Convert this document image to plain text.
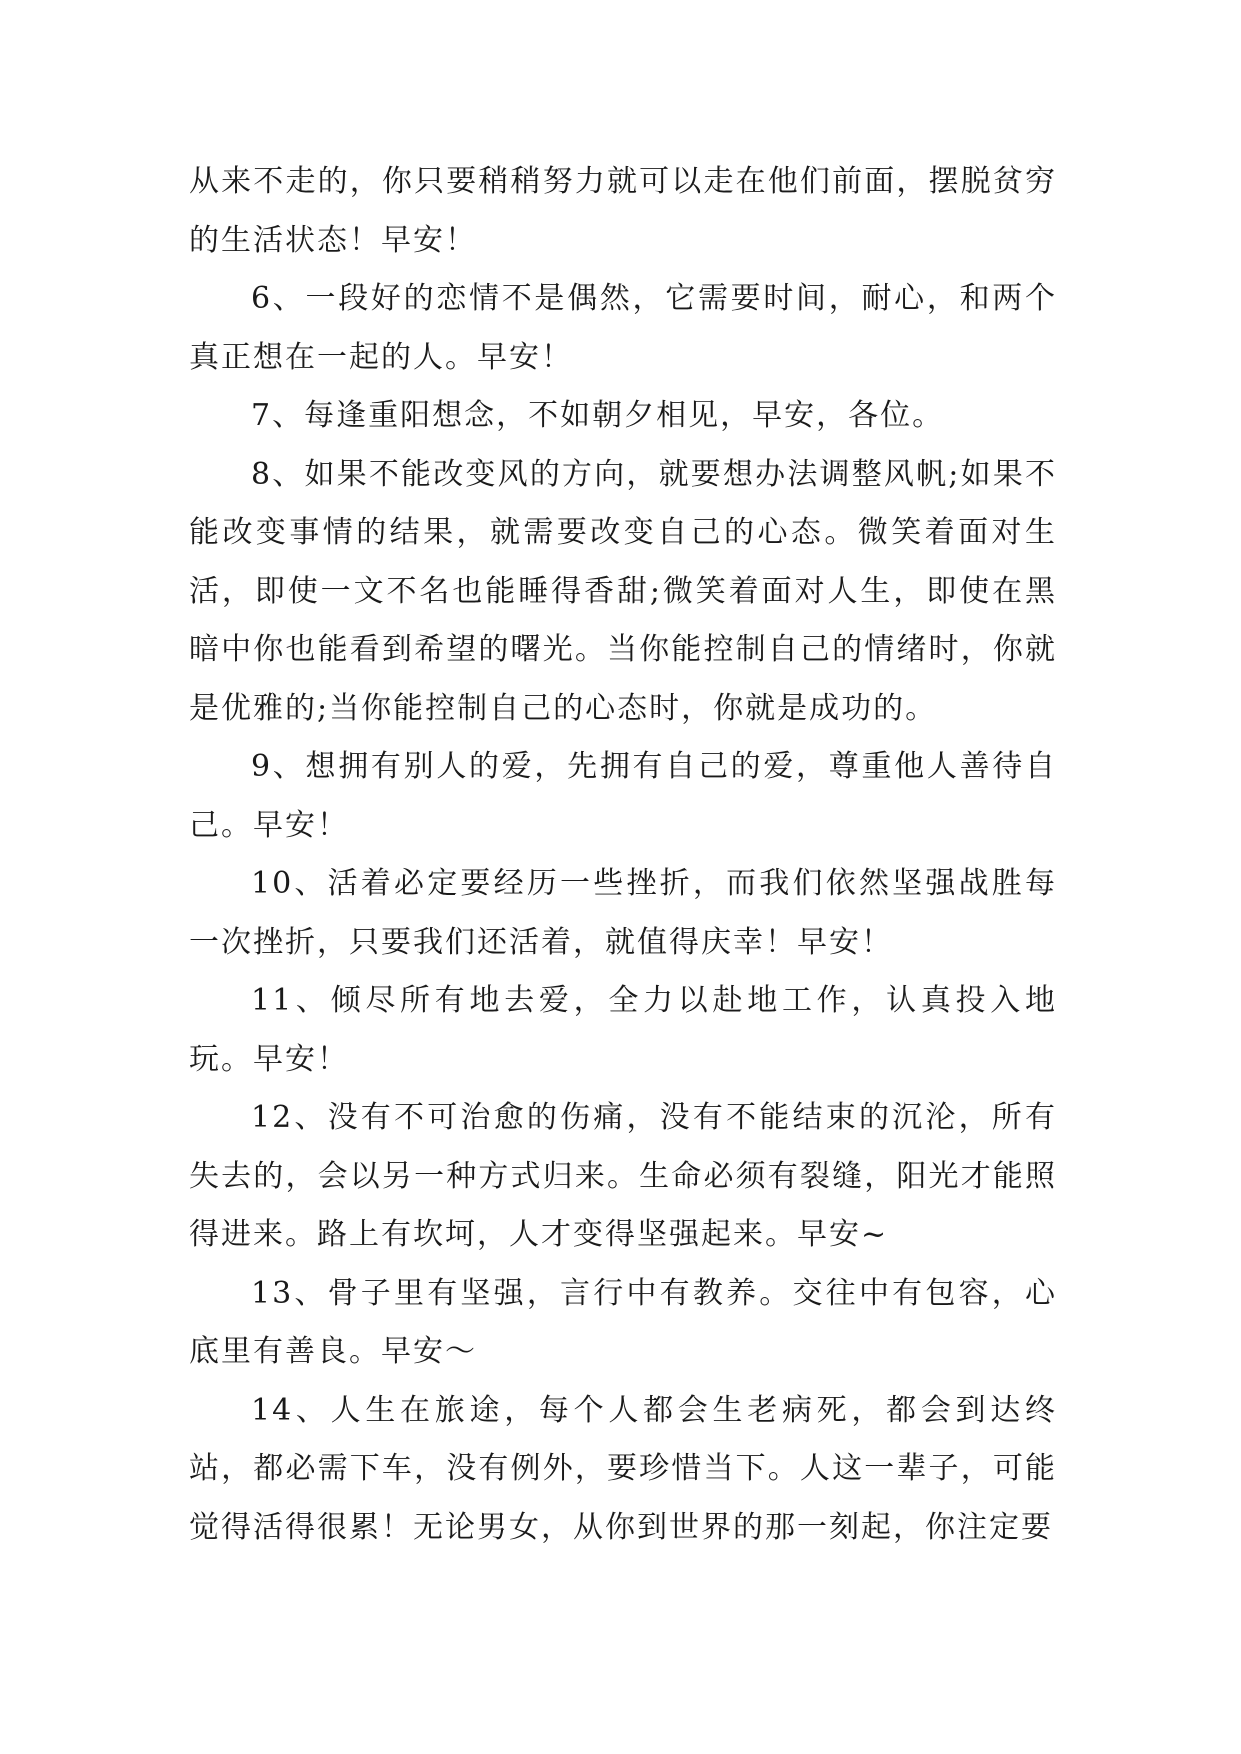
从来不走的，你只要稍稍努力就可以走在他们前面，摆脱贫穷的生活状态！早安！

6、一段好的恋情不是偶然，它需要时间，耐心，和两个真正想在一起的人。早安！

7、每逢重阳想念，不如朝夕相见，早安，各位。

8、如果不能改变风的方向，就要想办法调整风帆;如果不能改变事情的结果，就需要改变自己的心态。微笑着面对生活，即使一文不名也能睡得香甜;微笑着面对人生，即使在黑暗中你也能看到希望的曙光。当你能控制自己的情绪时，你就是优雅的;当你能控制自己的心态时，你就是成功的。

9、想拥有别人的爱，先拥有自己的爱，尊重他人善待自己。早安！

10、活着必定要经历一些挫折，而我们依然坚强战胜每一次挫折，只要我们还活着，就值得庆幸！早安！

11、倾尽所有地去爱，全力以赴地工作，认真投入地玩。早安！

12、没有不可治愈的伤痛，没有不能结束的沉沦，所有失去的，会以另一种方式归来。生命必须有裂缝，阳光才能照得进来。路上有坎坷，人才变得坚强起来。早安~

13、骨子里有坚强，言行中有教养。交往中有包容，心底里有善良。早安～

14、人生在旅途，每个人都会生老病死，都会到达终站，都必需下车，没有例外，要珍惜当下。人这一辈子，可能觉得活得很累！无论男女，从你到世界的那一刻起，你注定要
